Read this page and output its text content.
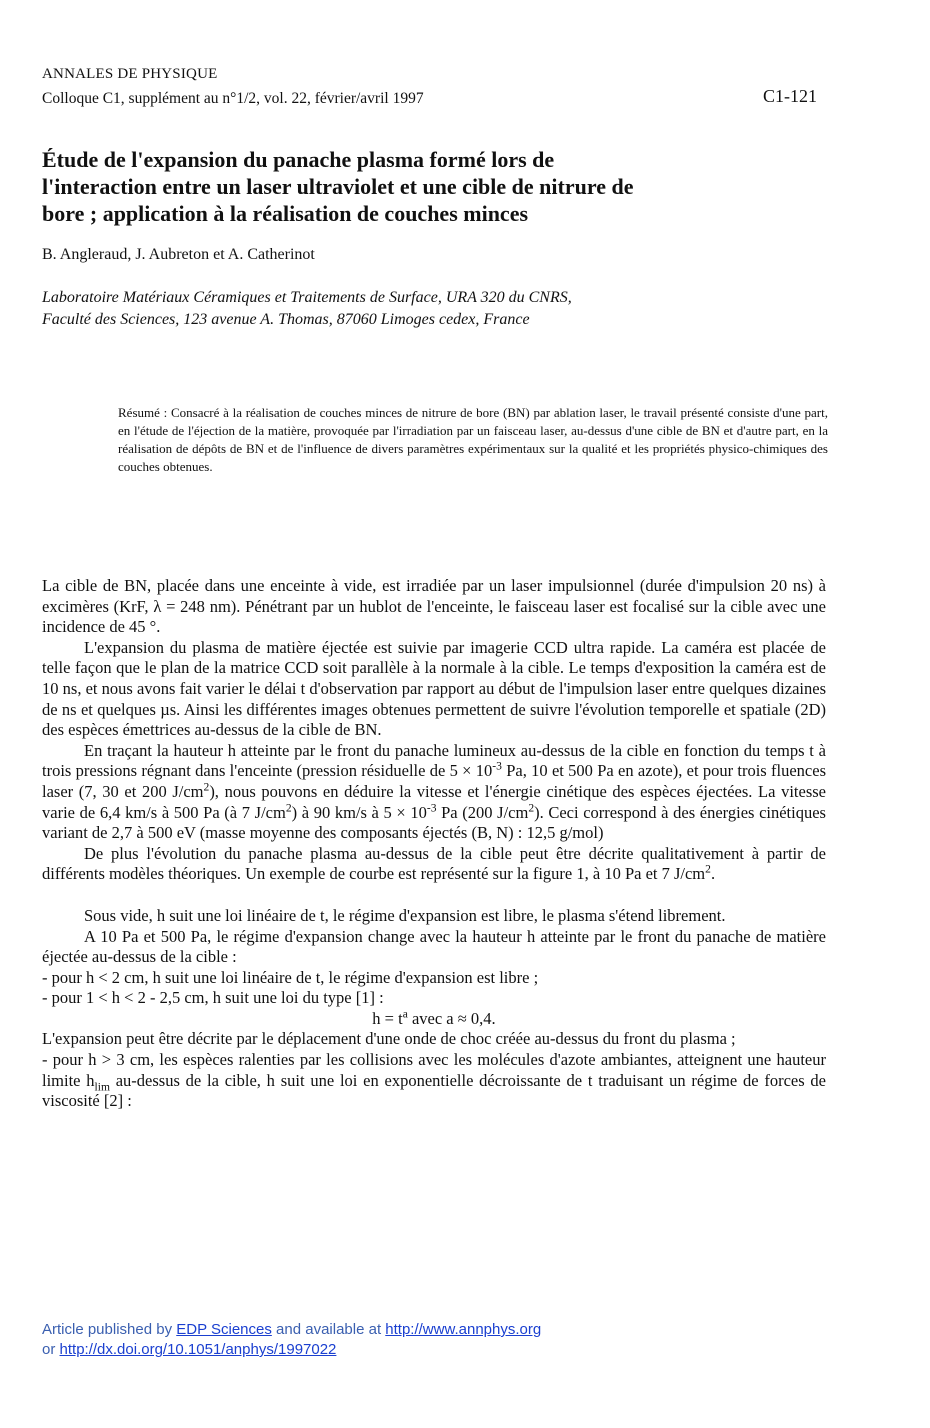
ANNALES DE PHYSIQUE
Colloque C1, supplément au n°1/2, vol. 22, février/avril 1997	C1-121
Étude de l'expansion du panache plasma formé lors de
l'interaction entre un laser ultraviolet et une cible de nitrure de
bore ; application à la réalisation de couches minces
B. Angleraud, J. Aubreton et A. Catherinot
Laboratoire Matériaux Céramiques et Traitements de Surface, URA 320 du CNRS,
Faculté des Sciences, 123 avenue A. Thomas, 87060 Limoges cedex, France
Résumé : Consacré à la réalisation de couches minces de nitrure de bore (BN) par ablation laser, le travail présenté consiste d'une part, en l'étude de l'éjection de la matière, provoquée par l'irradiation par un faisceau laser, au-dessus d'une cible de BN et d'autre part, en la réalisation de dépôts de BN et de l'influence de divers paramètres expérimentaux sur la qualité et les propriétés physico-chimiques des couches obtenues.

La cible de BN, placée dans une enceinte à vide, est irradiée par un laser impulsionnel (durée d'impulsion 20 ns) à excimères (KrF, λ = 248 nm). Pénétrant par un hublot de l'enceinte, le faisceau laser est focalisé sur la cible avec une incidence de 45 °.

L'expansion du plasma de matière éjectée est suivie par imagerie CCD ultra rapide. La caméra est placée de telle façon que le plan de la matrice CCD soit parallèle à la normale à la cible. Le temps d'exposition la caméra est de 10 ns, et nous avons fait varier le délai t d'observation par rapport au début de l'impulsion laser entre quelques dizaines de ns et quelques µs. Ainsi les différentes images obtenues permettent de suivre l'évolution temporelle et spatiale (2D) des espèces émettrices au-dessus de la cible de BN.

En traçant la hauteur h atteinte par le front du panache lumineux au-dessus de la cible en fonction du temps t à trois pressions régnant dans l'enceinte (pression résiduelle de $5 \times 10^{-3}$ Pa, 10 et 500 Pa en azote), et pour trois fluences laser (7, 30 et 200 $J/cm^2$), nous pouvons en déduire la vitesse et l'énergie cinétique des espèces éjectées. La vitesse varie de 6,4 km/s à 500 Pa (à 7 $J/cm^2$) à 90 km/s à $5 \times 10^{-3}$ Pa (200 $J/cm^2$). Ceci correspond à des énergies cinétiques variant de 2,7 à 500 eV (masse moyenne des composants éjectés (B, N) : 12,5 g/mol)

De plus l'évolution du panache plasma au-dessus de la cible peut être décrite qualitativement à partir de différents modèles théoriques. Un exemple de courbe est représenté sur la figure 1, à 10 Pa et 7 $J/cm^2$.

Sous vide, h suit une loi linéaire de t, le régime d'expansion est libre, le plasma s'étend librement.

A 10 Pa et 500 Pa, le régime d'expansion change avec la hauteur h atteinte par le front du panache de matière éjectée au-dessus de la cible :

- pour h < 2 cm, h suit une loi linéaire de t, le régime d'expansion est libre ;

- pour 1 < h < 2 - 2,5 cm, h suit une loi du type [1] :

$h = t^a$ avec a ≈ 0,4.

L'expansion peut être décrite par le déplacement d'une onde de choc créée au-dessus du front du plasma ;

- pour h > 3 cm, les espèces ralenties par les collisions avec les molécules d'azote ambiantes, atteignent une hauteur limite $h_{lim}$ au-dessus de la cible, h suit une loi en exponentielle décroissante de t traduisant un régime de forces de viscosité [2] :

Article published by EDP Sciences and available at http://www.annphys.org
or http://dx.doi.org/10.1051/anphys/1997022
